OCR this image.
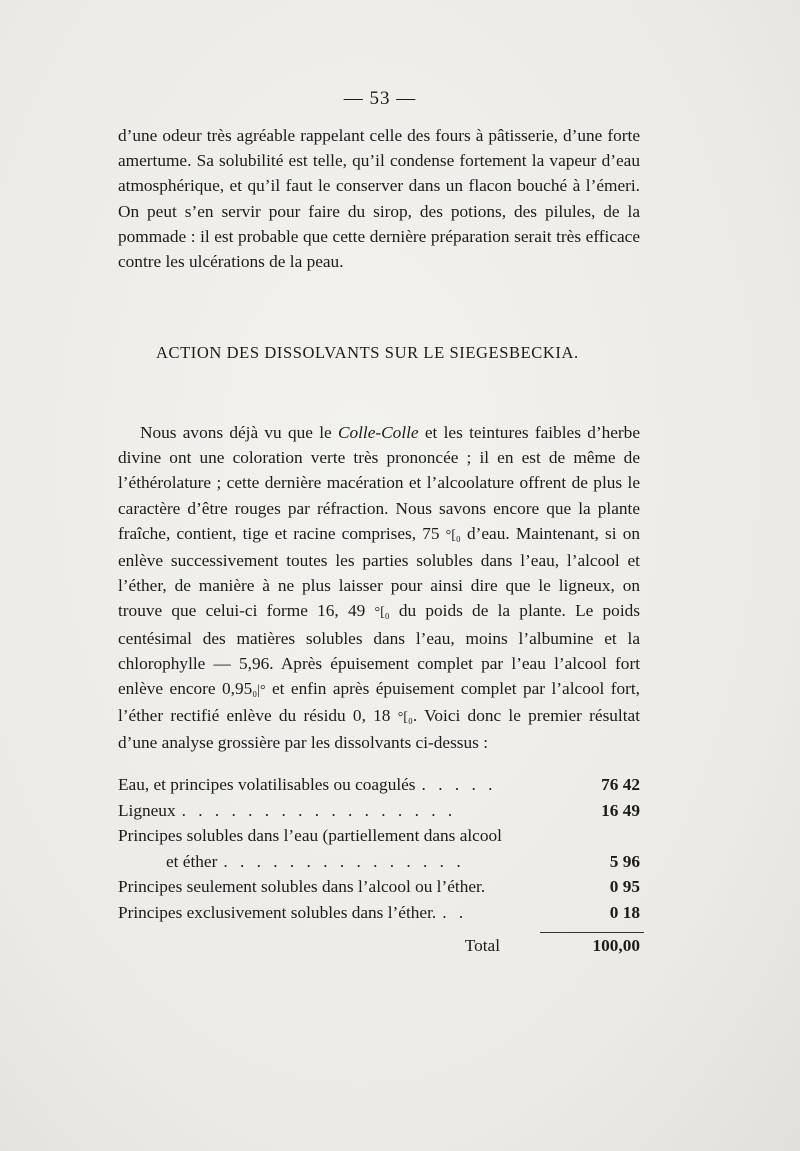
— 53 —

d’une odeur très agréable rappelant celle des fours à pâtisserie, d’une forte amertume. Sa solubilité est telle, qu’il condense fortement la vapeur d’eau atmosphérique, et qu’il faut le conserver dans un flacon bouché à l’émeri. On peut s’en servir pour faire du sirop, des potions, des pilules, de la pommade : il est probable que cette dernière préparation serait très efficace contre les ulcérations de la peau.

ACTION DES DISSOLVANTS SUR LE SIEGESBECKIA.

Nous avons déjà vu que le Colle-Colle et les teintures faibles d’herbe divine ont une coloration verte très prononcée ; il en est de même de l’éthérolature ; cette dernière macération et l’alcoolature offrent de plus le caractère d’être rouges par réfraction. Nous savons encore que la plante fraîche, contient, tige et racine comprises, 75 °[₀ d’eau. Maintenant, si on enlève successivement toutes les parties solubles dans l’eau, l’alcool et l’éther, de manière à ne plus laisser pour ainsi dire que le ligneux, on trouve que celui-ci forme 16, 49 °[₀ du poids de la plante. Le poids centésimal des matières solubles dans l’eau, moins l’albumine et la chlorophylle — 5,96. Après épuisement complet par l’eau l’alcool fort enlève encore 0,95₀|° et enfin après épuisement complet par l’alcool fort, l’éther rectifié enlève du résidu 0, 18 °[₀. Voici donc le premier résultat d’une analyse grossière par les dissolvants ci-dessus :

Eau, et principes volatilisables ou coagulés . . . . .	76 42
Ligneux . . . . . . . . . . . . . . . . .	16 49
Principes solubles dans l’eau (partiellement dans alcool
et éther . . . . . . . . . . . . . . .	5 96
Principes seulement solubles dans l’alcool ou l’éther.	0 95
Principes exclusivement solubles dans l’éther. . .	0 18
Total	100,00
